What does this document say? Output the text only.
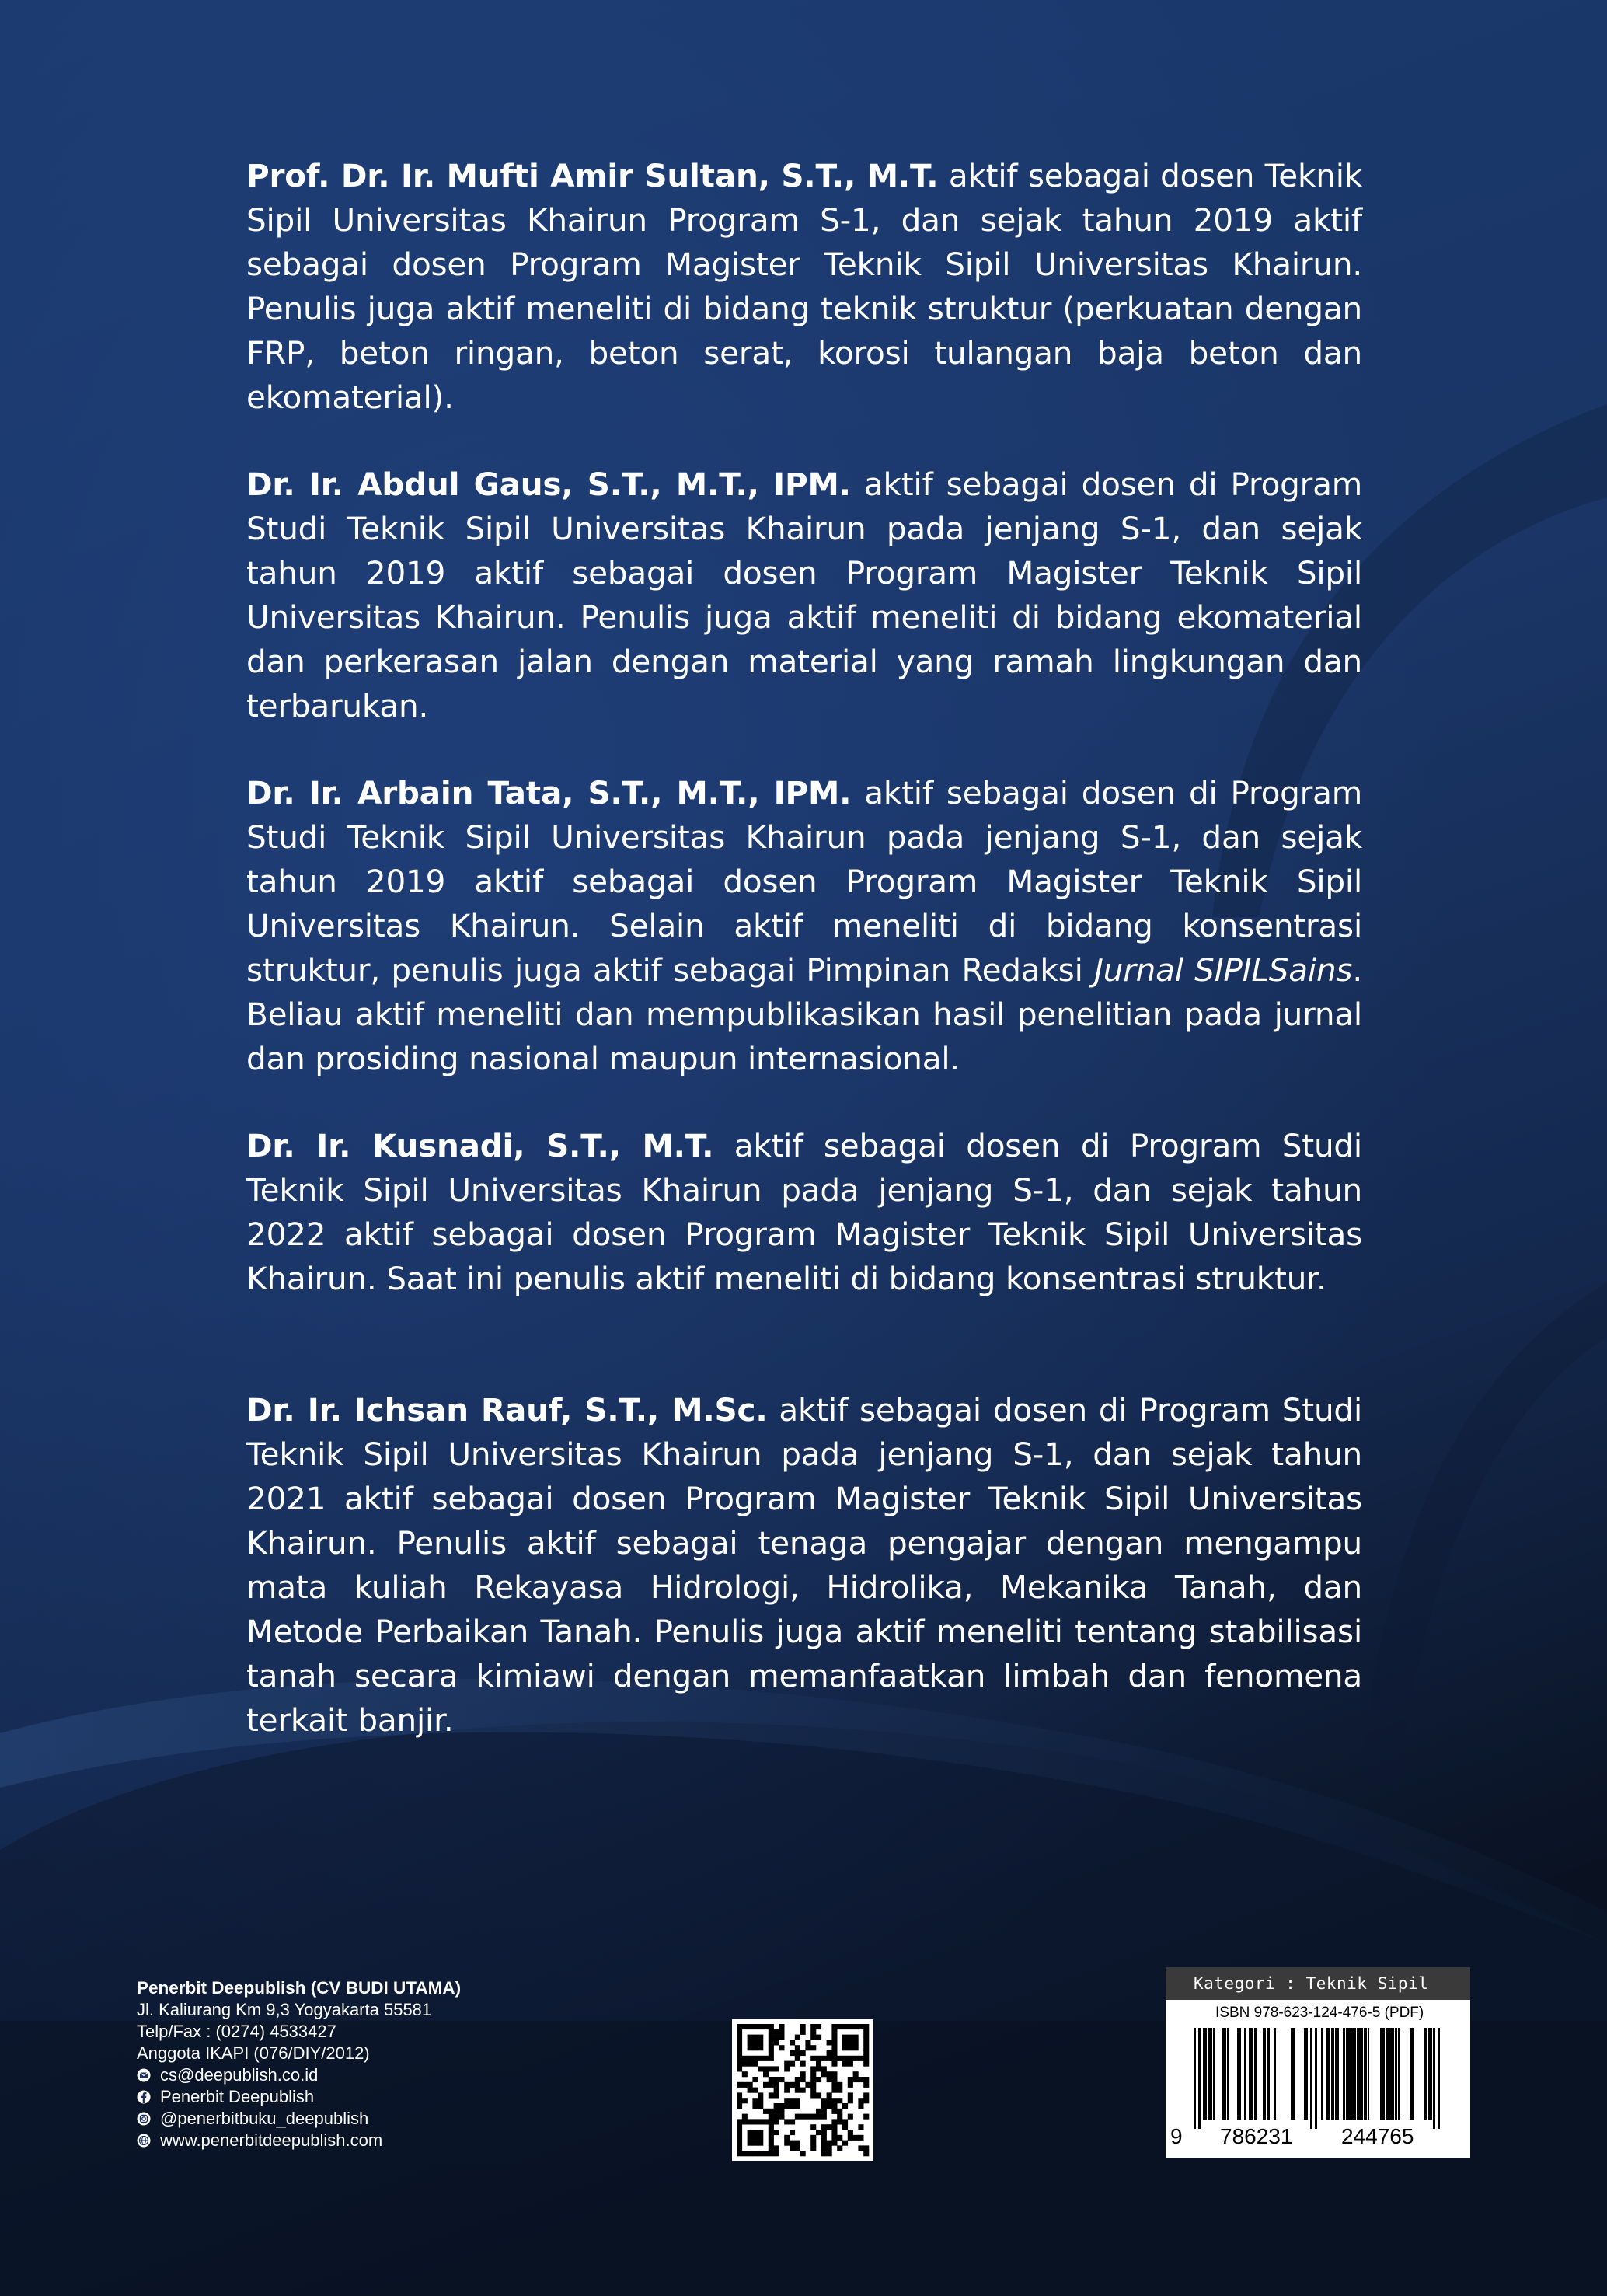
Prof. Dr. Ir. Mufti Amir Sultan, S.T., M.T. aktif sebagai dosen Teknik Sipil Universitas Khairun Program S-1, dan sejak tahun 2019 aktif sebagai dosen Program Magister Teknik Sipil Universitas Khairun. Penulis juga aktif meneliti di bidang teknik struktur (perkuatan dengan FRP, beton ringan, beton serat, korosi tulangan baja beton dan ekomaterial).

Dr. Ir. Abdul Gaus, S.T., M.T., IPM. aktif sebagai dosen di Program Studi Teknik Sipil Universitas Khairun pada jenjang S-1, dan sejak tahun 2019 aktif sebagai dosen Program Magister Teknik Sipil Universitas Khairun. Penulis juga aktif meneliti di bidang ekomaterial dan perkerasan jalan dengan material yang ramah lingkungan dan terbarukan.

Dr. Ir. Arbain Tata, S.T., M.T., IPM. aktif sebagai dosen di Program Studi Teknik Sipil Universitas Khairun pada jenjang S-1, dan sejak tahun 2019 aktif sebagai dosen Program Magister Teknik Sipil Universitas Khairun. Selain aktif meneliti di bidang konsentrasi struktur, penulis juga aktif sebagai Pimpinan Redaksi Jurnal SIPILSains. Beliau aktif meneliti dan mempublikasikan hasil penelitian pada jurnal dan prosiding nasional maupun internasional.

Dr. Ir. Kusnadi, S.T., M.T. aktif sebagai dosen di Program Studi Teknik Sipil Universitas Khairun pada jenjang S-1, dan sejak tahun 2022 aktif sebagai dosen Program Magister Teknik Sipil Universitas Khairun. Saat ini penulis aktif meneliti di bidang konsentrasi struktur.

Dr. Ir. Ichsan Rauf, S.T., M.Sc. aktif sebagai dosen di Program Studi Teknik Sipil Universitas Khairun pada jenjang S-1, dan sejak tahun 2021 aktif sebagai dosen Program Magister Teknik Sipil Universitas Khairun. Penulis aktif sebagai tenaga pengajar dengan mengampu mata kuliah Rekayasa Hidrologi, Hidrolika, Mekanika Tanah, dan Metode Perbaikan Tanah. Penulis juga aktif meneliti tentang stabilisasi tanah secara kimiawi dengan memanfaatkan limbah dan fenomena terkait banjir.

Penerbit Deepublish (CV BUDI UTAMA)
Jl. Kaliurang Km 9,3 Yogyakarta 55581
Telp/Fax : (0274) 4533427
Anggota IKAPI (076/DIY/2012)
cs@deepublish.co.id
Penerbit Deepublish
@penerbitbuku_deepublish
www.penerbitdeepublish.com
Kategori : Teknik Sipil
ISBN 978-623-124-476-5 (PDF)
9 786231 244765
